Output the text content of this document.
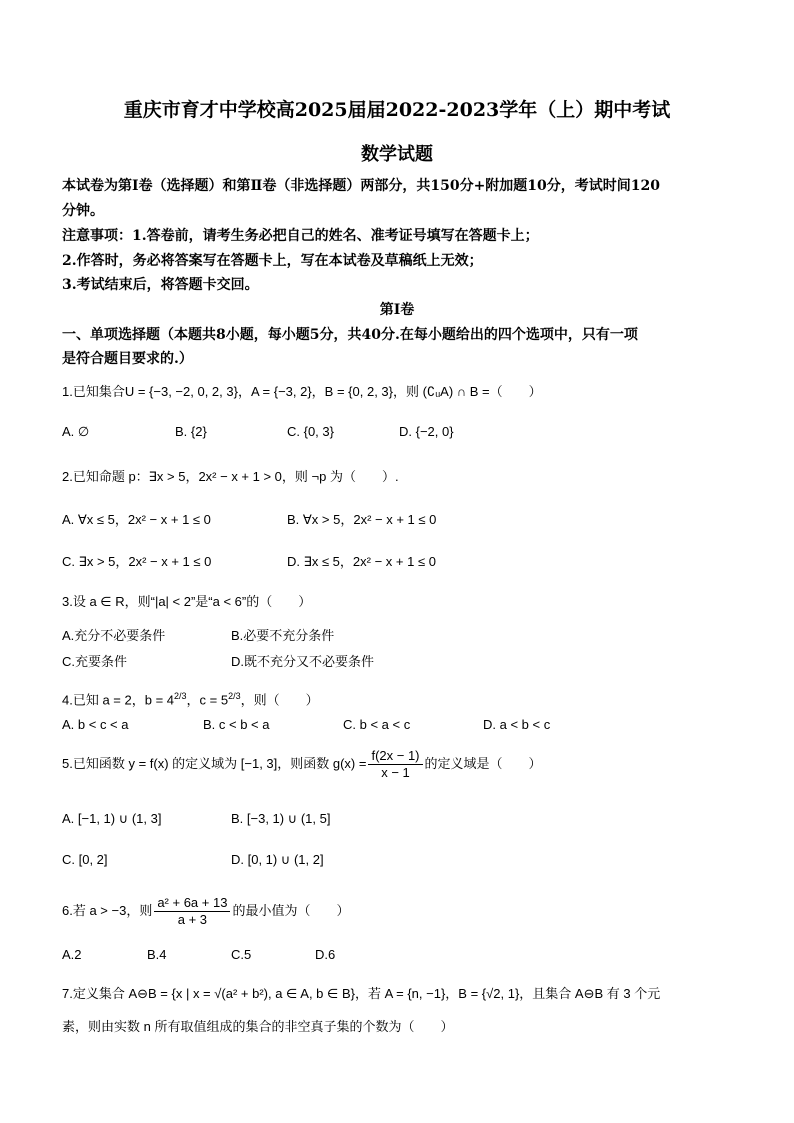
重庆市育才中学校高2025届届2022-2023学年（上）期中考试
数学试题
本试卷为第Ⅰ卷（选择题）和第Ⅱ卷（非选择题）两部分，共150分+附加题10分，考试时间120
分钟。
注意事项：1.答卷前，请考生务必把自己的姓名、准考证号填写在答题卡上；
2.作答时，务必将答案写在答题卡上，写在本试卷及草稿纸上无效；
3.考试结束后，将答题卡交回。
第Ⅰ卷
一、单项选择题（本题共8小题，每小题5分，共40分.在每小题给出的四个选项中，只有一项
是符合题目要求的.）
1.已知集合U = {−3, −2, 0, 2, 3}，A = {−3, 2}，B = {0, 2, 3}，则 (∁ᵤA) ∩ B =（　　）
A. ∅	B. {2}	C. {0, 3}	D. {−2, 0}
2.已知命题 p：∃x > 5，2x² − x + 1 > 0，则 ¬p 为（　　）.
A. ∀x ≤ 5，2x² − x + 1 ≤ 0	B. ∀x > 5，2x² − x + 1 ≤ 0
C. ∃x > 5，2x² − x + 1 ≤ 0	D. ∃x ≤ 5，2x² − x + 1 ≤ 0
3.设 a ∈ R，则“|a| < 2”是“a < 6”的（　　）
A.充分不必要条件	B.必要不充分条件
C.充要条件	D.既不充分又不必要条件
4.已知 a = 2，$b = 4^{2/3}$，$c = 5^{2/3}$，则（　　）
A. b < c < a	B. c < b < a	C. b < a < c	D. a < b < c
5.已知函数 y = f(x) 的定义域为 [−1, 3]，则函数 $g(x) = \frac{f(2x - 1)}{x - 1}$ 的定义域是（　　）
A. [−1, 1) ∪ (1, 3]	B. [−3, 1) ∪ (1, 5]
C. [0, 2]	D. [0, 1) ∪ (1, 2]
6.若 a > −3，则 $\frac{\text{a² + 6a + 13}}{a + 3}$ 的最小值为（　　）
A.2	B.4	C.5	D.6
7.定义集合 A⊖B = {x | x = √(a² + b²), a ∈ A, b ∈ B}，若 A = {n, −1}，B = {√2, 1}，且集合 A⊖B 有 3 个元
素，则由实数 n 所有取值组成的集合的非空真子集的个数为（　　）
